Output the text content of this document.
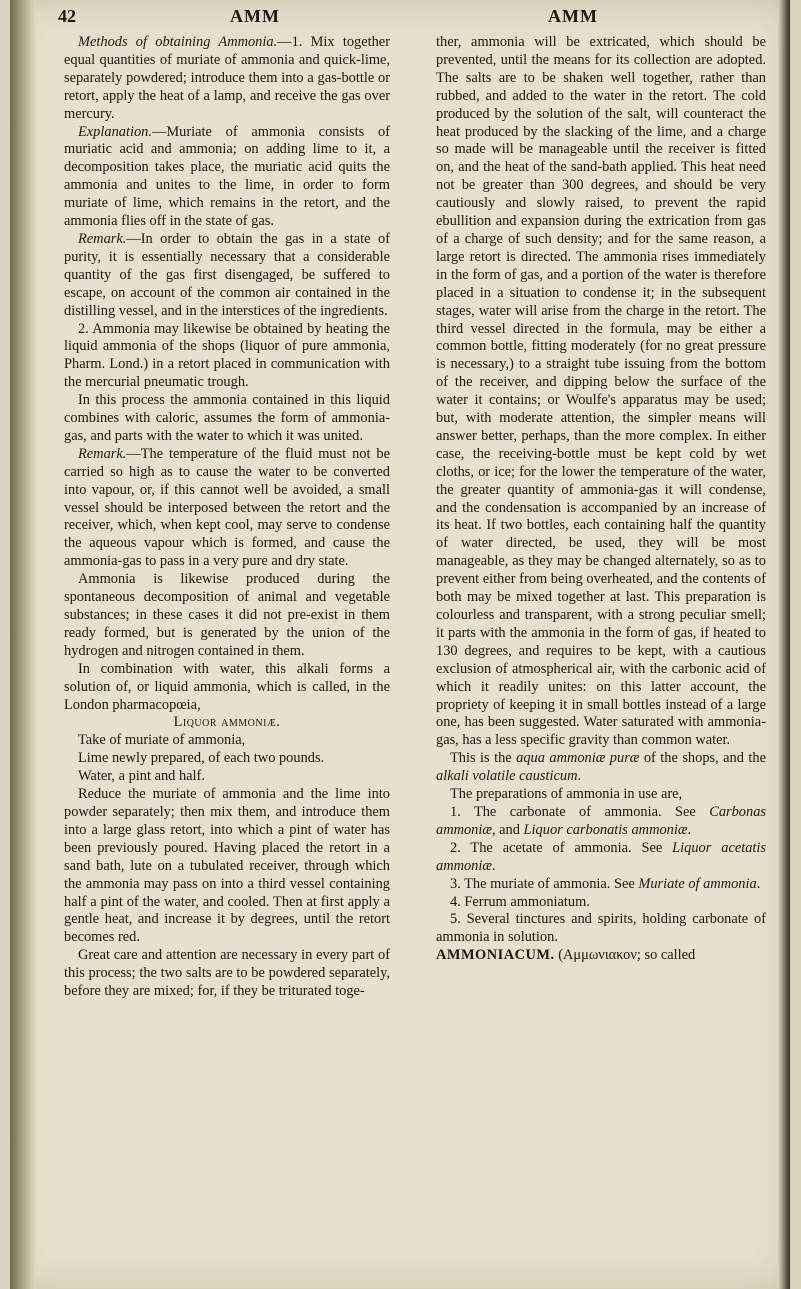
42	AMM	AMM

Methods of obtaining Ammonia.—1. Mix together equal quantities of muriate of ammonia and quick-lime, separately powdered; introduce them into a gas-bottle or retort, apply the heat of a lamp, and receive the gas over mercury.

Explanation.—Muriate of ammonia consists of muriatic acid and ammonia; on adding lime to it, a decomposition takes place, the muriatic acid quits the ammonia and unites to the lime, in order to form muriate of lime, which remains in the retort, and the ammonia flies off in the state of gas.

Remark.—In order to obtain the gas in a state of purity, it is essentially necessary that a considerable quantity of the gas first disengaged, be suffered to escape, on account of the common air contained in the distilling vessel, and in the interstices of the ingredients.

2. Ammonia may likewise be obtained by heating the liquid ammonia of the shops (liquor of pure ammonia, Pharm. Lond.) in a retort placed in communication with the mercurial pneumatic trough.

In this process the ammonia contained in this liquid combines with caloric, assumes the form of ammonia-gas, and parts with the water to which it was united.

Remark.—The temperature of the fluid must not be carried so high as to cause the water to be converted into vapour, or, if this cannot well be avoided, a small vessel should be interposed between the retort and the receiver, which, when kept cool, may serve to condense the aqueous vapour which is formed, and cause the ammonia-gas to pass in a very pure and dry state.

Ammonia is likewise produced during the spontaneous decomposition of animal and vegetable substances; in these cases it did not pre-exist in them ready formed, but is generated by the union of the hydrogen and nitrogen contained in them.

In combination with water, this alkali forms a solution of, or liquid ammonia, which is called, in the London pharmacopœia,

Liquor ammoniæ.

Take of muriate of ammonia,

Lime newly prepared, of each two pounds.

Water, a pint and half.

Reduce the muriate of ammonia and the lime into powder separately; then mix them, and introduce them into a large glass retort, into which a pint of water has been previously poured. Having placed the retort in a sand bath, lute on a tubulated receiver, through which the ammonia may pass on into a third vessel containing half a pint of the water, and cooled. Then at first apply a gentle heat, and increase it by degrees, until the retort becomes red.

Great care and attention are necessary in every part of this process; the two salts are to be powdered separately, before they are mixed; for, if they be triturated toge-

ther, ammonia will be extricated, which should be prevented, until the means for its collection are adopted. The salts are to be shaken well together, rather than rubbed, and added to the water in the retort. The cold produced by the solution of the salt, will counteract the heat produced by the slacking of the lime, and a charge so made will be manageable until the receiver is fitted on, and the heat of the sand-bath applied. This heat need not be greater than 300 degrees, and should be very cautiously and slowly raised, to prevent the rapid ebullition and expansion during the extrication from gas of a charge of such density; and for the same reason, a large retort is directed. The ammonia rises immediately in the form of gas, and a portion of the water is therefore placed in a situation to condense it; in the subsequent stages, water will arise from the charge in the retort. The third vessel directed in the formula, may be either a common bottle, fitting moderately (for no great pressure is necessary,) to a straight tube issuing from the bottom of the receiver, and dipping below the surface of the water it contains; or Woulfe's apparatus may be used; but, with moderate attention, the simpler means will answer better, perhaps, than the more complex. In either case, the receiving-bottle must be kept cold by wet cloths, or ice; for the lower the temperature of the water, the greater quantity of ammonia-gas it will condense, and the condensation is accompanied by an increase of its heat. If two bottles, each containing half the quantity of water directed, be used, they will be most manageable, as they may be changed alternately, so as to prevent either from being overheated, and the contents of both may be mixed together at last. This preparation is colourless and transparent, with a strong peculiar smell; it parts with the ammonia in the form of gas, if heated to 130 degrees, and requires to be kept, with a cautious exclusion of atmospherical air, with the carbonic acid of which it readily unites: on this latter account, the propriety of keeping it in small bottles instead of a large one, has been suggested. Water saturated with ammonia-gas, has a less specific gravity than common water.

This is the aqua ammoniæ puræ of the shops, and the alkali volatile causticum.

The preparations of ammonia in use are,

1. The carbonate of ammonia. See Carbonas ammoniæ, and Liquor carbonatis ammoniæ.

2. The acetate of ammonia. See Liquor acetatis ammoniæ.

3. The muriate of ammonia. See Muriate of ammonia.

4. Ferrum ammoniatum.

5. Several tinctures and spirits, holding carbonate of ammonia in solution.

AMMONIACUM. (Αμμωνιακον; so called
